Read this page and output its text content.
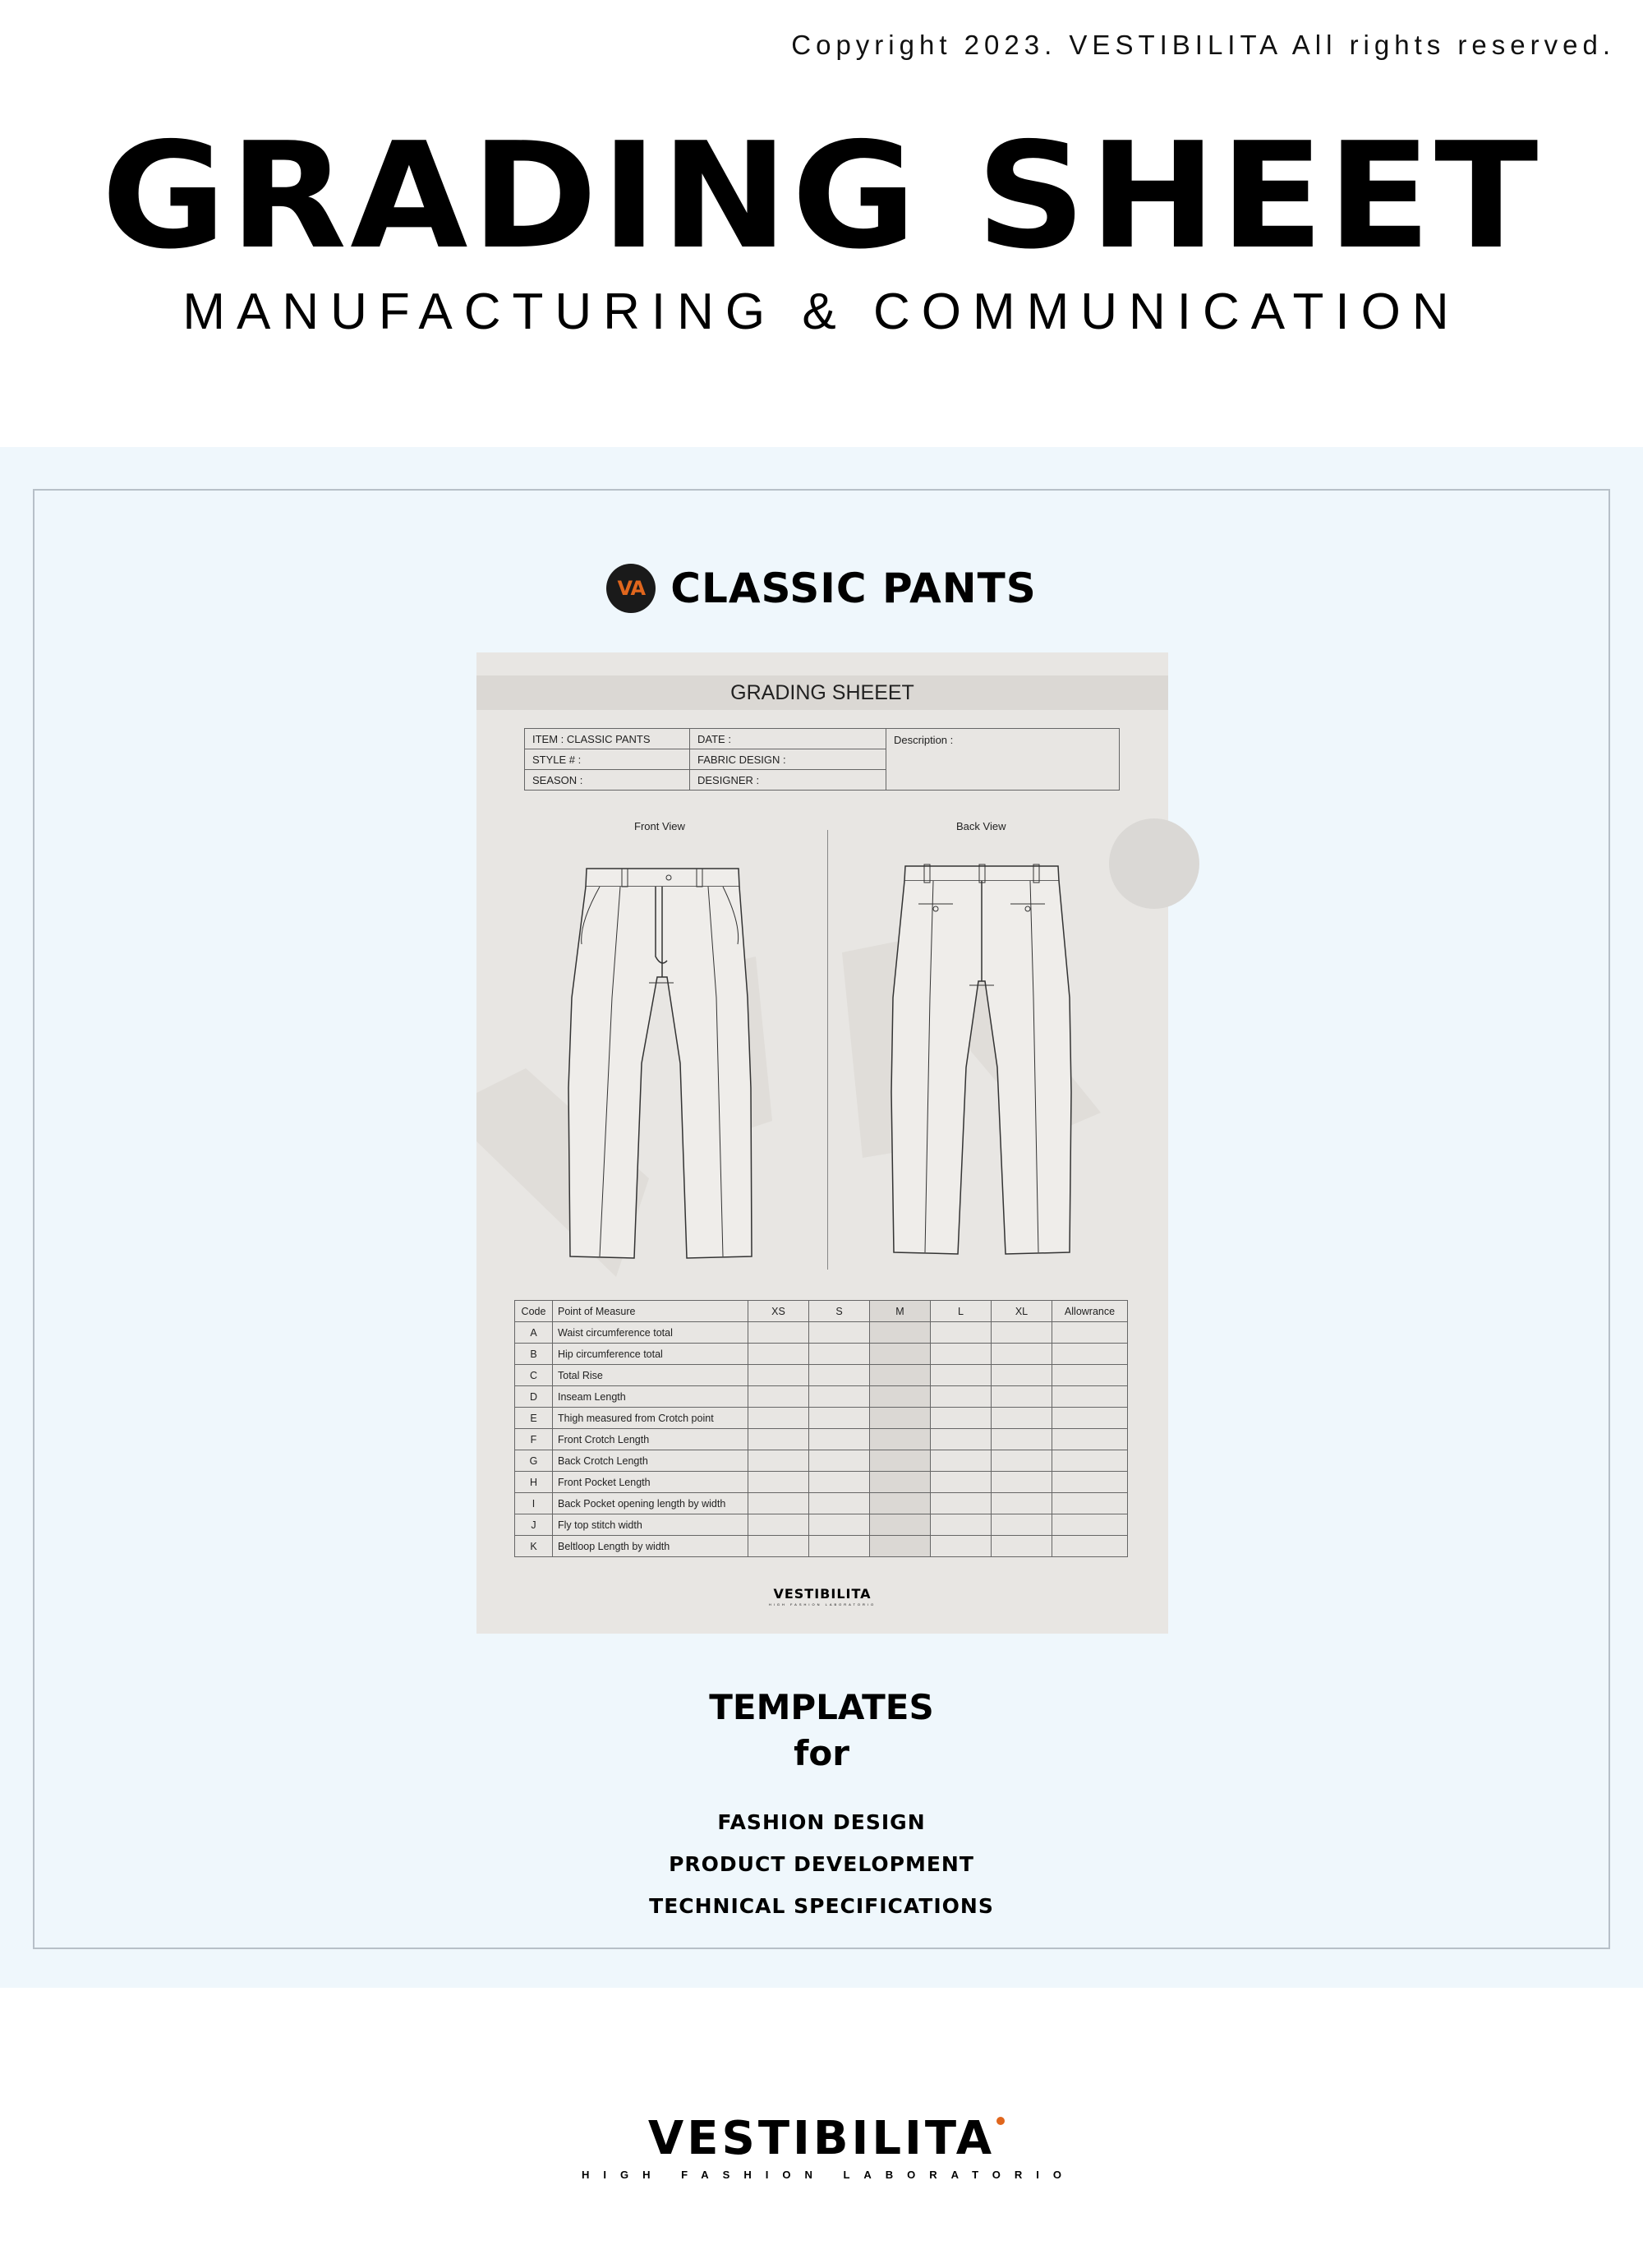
Copyright 2023. VESTIBILITA All rights reserved.
GRADING SHEET
MANUFACTURING & COMMUNICATION
VA CLASSIC PANTS
GRADING SHEEET
ITEM : CLASSIC PANTS	DATE :	Description :
STYLE # :	FABRIC DESIGN :	
SEASON :	DESIGNER :	
Front View	Back View
Code	Point of Measure	XS	S	M	L	XL	Allowrance
A	Waist circumference total						
B	Hip circumference total						
C	Total Rise						
D	Inseam Length						
E	Thigh measured from Crotch point						
F	Front Crotch Length						
G	Back Crotch Length						
H	Front Pocket Length						
I	Back Pocket opening length by width						
J	Fly top stitch width						
K	Beltloop Length by width						
VESTIBILITA
HIGH FASHION LABORATORIO
TEMPLATES
for
FASHION DESIGN
PRODUCT DEVELOPMENT
TECHNICAL SPECIFICATIONS
VESTIBILITA
HIGH FASHION LABORATORIO
